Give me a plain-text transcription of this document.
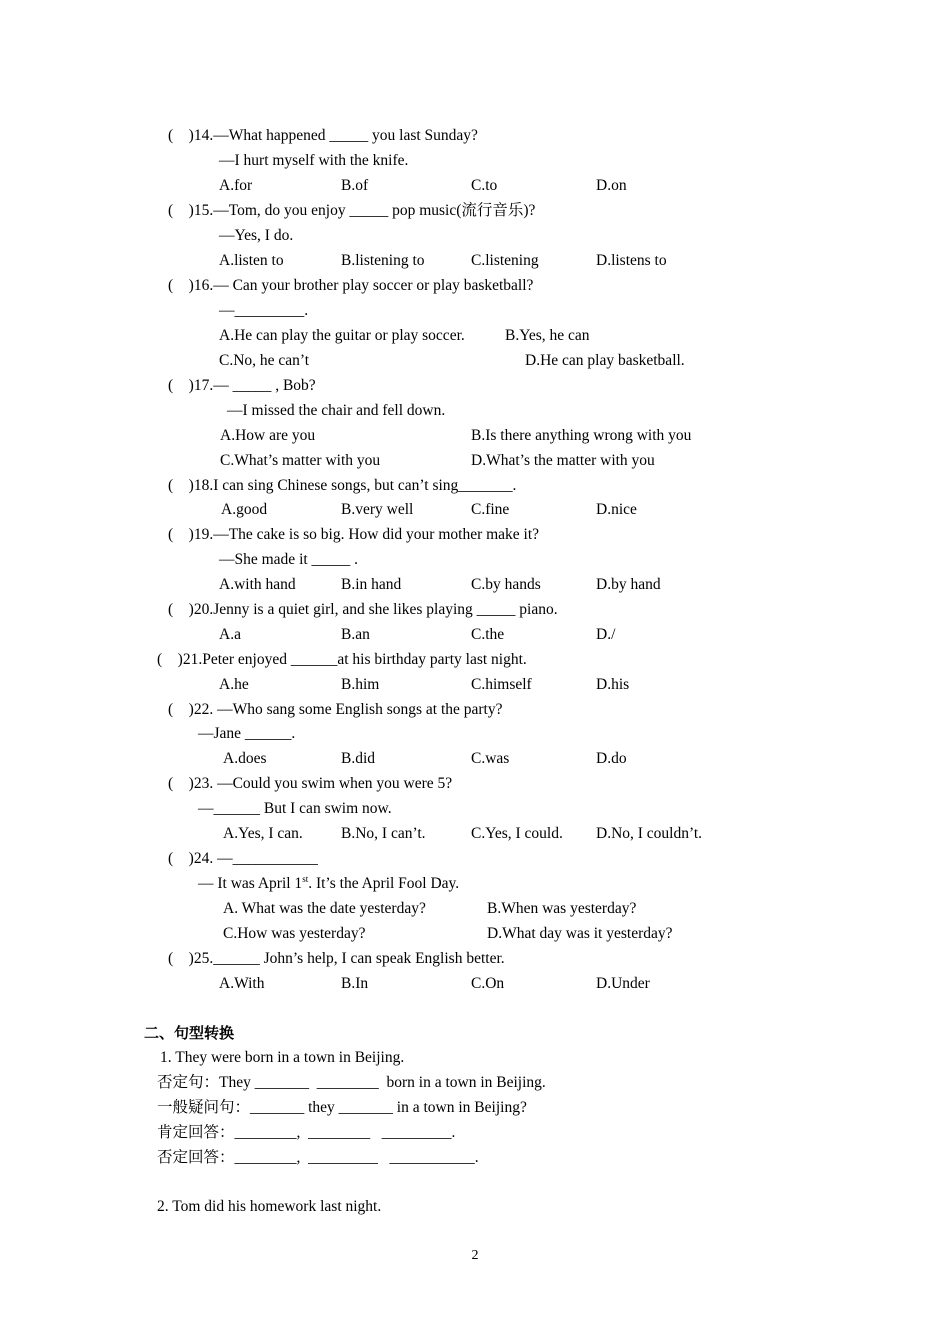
(    )14.—What happened _____ you last Sunday?
—I hurt myself with the knife.
A.for	B.of	C.to	D.on
(    )15.—Tom, do you enjoy _____ pop music(流行音乐)?
—Yes, I do.
A.listen to	B.listening to	C.listening	D.listens to
(    )16.— Can your brother play soccer or play basketball?
—_________.
A.He can play the guitar or play soccer.	B.Yes, he can
C.No, he can’t	D.He can play basketball.
(    )17.— _____ , Bob?
—I missed the chair and fell down.
A.How are you	B.Is there anything wrong with you
C.What’s matter with you	D.What’s the matter with you
(    )18.I can sing Chinese songs, but can’t sing_______.
A.good	B.very well	C.fine	D.nice
(    )19.—The cake is so big. How did your mother make it?
—She made it _____ .
A.with hand	B.in hand	C.by hands	D.by hand
(    )20.Jenny is a quiet girl, and she likes playing _____ piano.
A.a	B.an	C.the	D./
(    )21.Peter enjoyed ______at his birthday party last night.
A.he	B.him	C.himself	D.his
(    )22. —Who sang some English songs at the party?
—Jane ______.
A.does	B.did	C.was	D.do
(    )23. —Could you swim when you were 5?
—______ But I can swim now.
A.Yes, I can. B.No, I can’t.	C.Yes, I could. D.No, I couldn’t.
(    )24. —___________
— It was April 1st. It’s the April Fool Day.
A. What was the date yesterday?	B.When was yesterday?
C.How was yesterday?	D.What day was it yesterday?
(    )25.______ John’s help, I can speak English better.
A.With	B.In	C.On	D.Under
二、句型转换
1. They were born in a town in Beijing.
否定句：They _______  ________  born in a town in Beijing.
一般疑问句：_______ they _______ in a town in Beijing?
肯定回答：________,  ________   _________.
否定回答：________,  _________   ___________.
2. Tom did his homework last night.
2
